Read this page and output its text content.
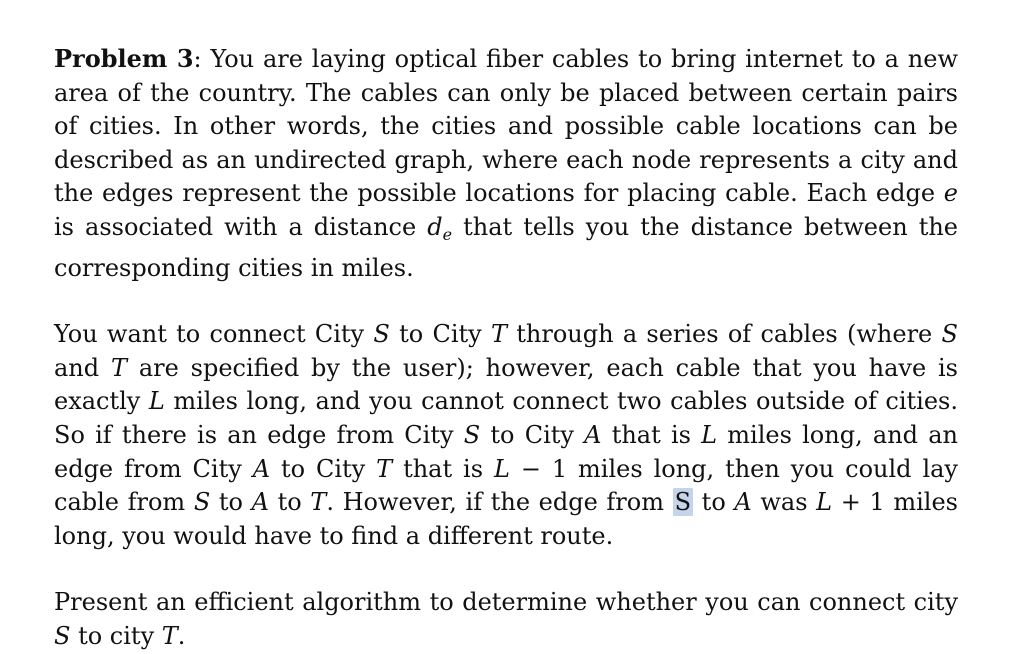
Problem 3: You are laying optical fiber cables to bring internet to a new area of the country. The cables can only be placed between certain pairs of cities. In other words, the cities and possible cable locations can be described as an undirected graph, where each node represents a city and the edges represent the possible locations for placing cable. Each edge e is associated with a distance $d_e$ that tells you the distance between the corresponding cities in miles.

You want to connect City S to City T through a series of cables (where S and T are specified by the user); however, each cable that you have is exactly L miles long, and you cannot connect two cables outside of cities. So if there is an edge from City S to City A that is L miles long, and an edge from City A to City T that is L − 1 miles long, then you could lay cable from S to A to T. However, if the edge from S to A was L + 1 miles long, you would have to find a different route.

Present an efficient algorithm to determine whether you can connect city S to city T.
